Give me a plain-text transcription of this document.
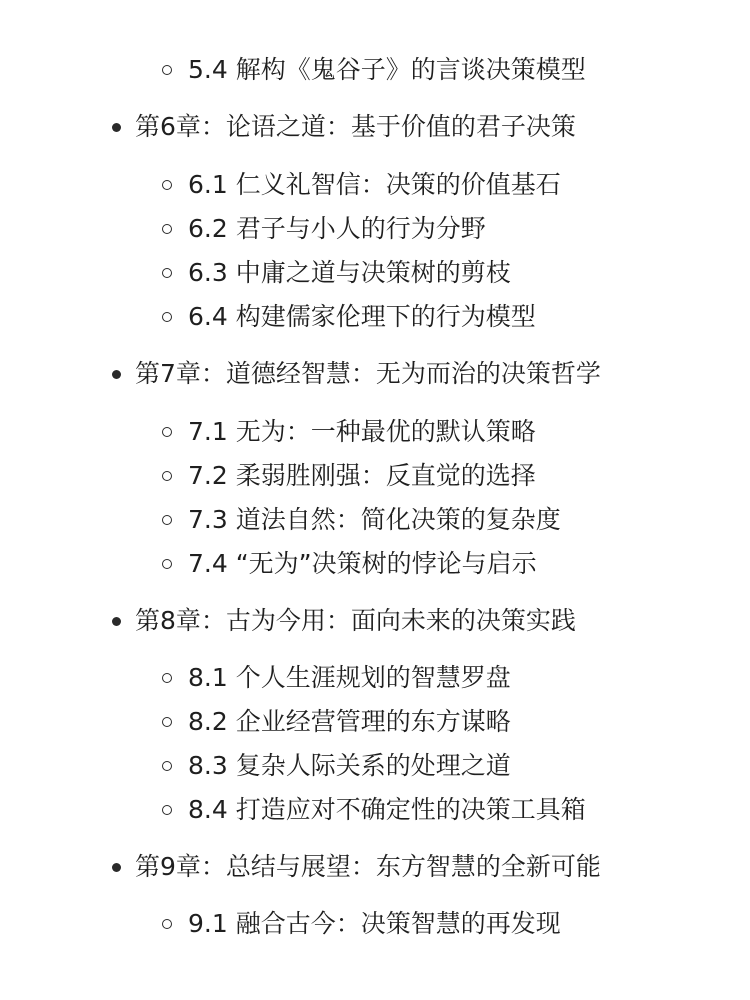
5.4 解构《鬼谷子》的言谈决策模型
第6章：论语之道：基于价值的君子决策
6.1 仁义礼智信：决策的价值基石
6.2 君子与小人的行为分野
6.3 中庸之道与决策树的剪枝
6.4 构建儒家伦理下的行为模型
第7章：道德经智慧：无为而治的决策哲学
7.1 无为：一种最优的默认策略
7.2 柔弱胜刚强：反直觉的选择
7.3 道法自然：简化决策的复杂度
7.4 “无为”决策树的悖论与启示
第8章：古为今用：面向未来的决策实践
8.1 个人生涯规划的智慧罗盘
8.2 企业经营管理的东方谋略
8.3 复杂人际关系的处理之道
8.4 打造应对不确定性的决策工具箱
第9章：总结与展望：东方智慧的全新可能
9.1 融合古今：决策智慧的再发现
